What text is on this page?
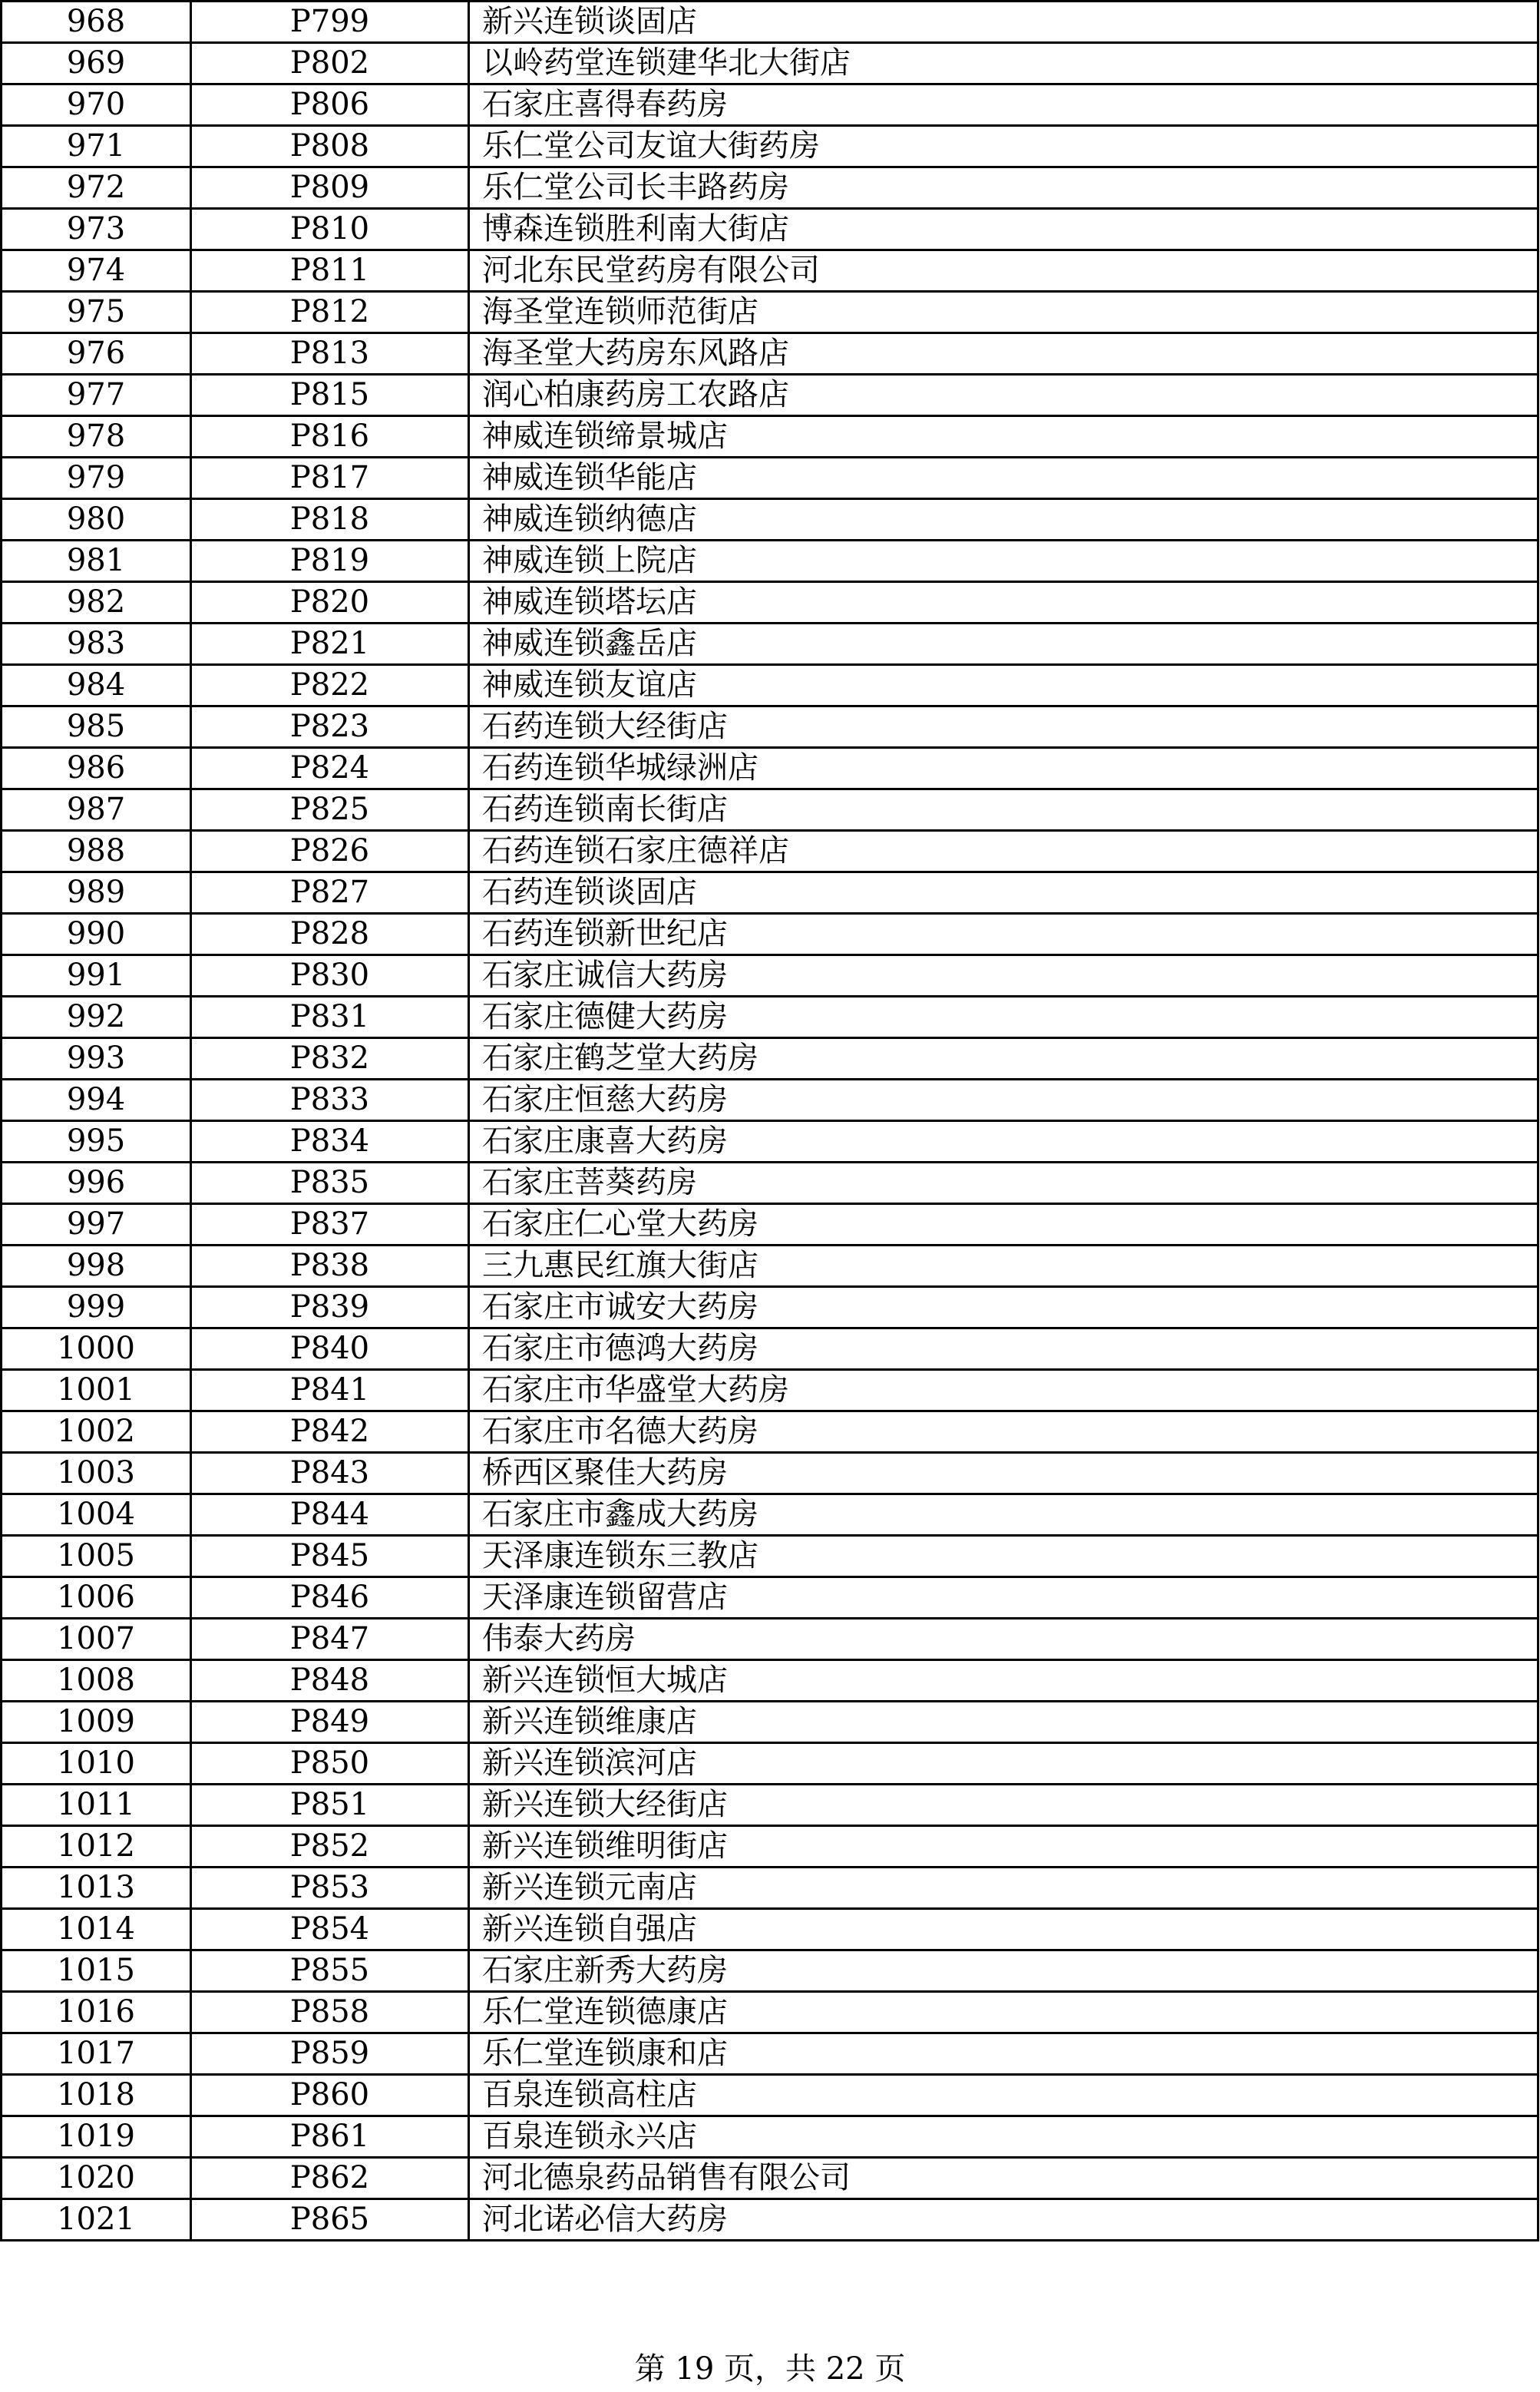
968	P799	新兴连锁谈固店
969	P802	以岭药堂连锁建华北大街店
970	P806	石家庄喜得春药房
971	P808	乐仁堂公司友谊大街药房
972	P809	乐仁堂公司长丰路药房
973	P810	博森连锁胜利南大街店
974	P811	河北东民堂药房有限公司
975	P812	海圣堂连锁师范街店
976	P813	海圣堂大药房东风路店
977	P815	润心柏康药房工农路店
978	P816	神威连锁缔景城店
979	P817	神威连锁华能店
980	P818	神威连锁纳德店
981	P819	神威连锁上院店
982	P820	神威连锁塔坛店
983	P821	神威连锁鑫岳店
984	P822	神威连锁友谊店
985	P823	石药连锁大经街店
986	P824	石药连锁华城绿洲店
987	P825	石药连锁南长街店
988	P826	石药连锁石家庄德祥店
989	P827	石药连锁谈固店
990	P828	石药连锁新世纪店
991	P830	石家庄诚信大药房
992	P831	石家庄德健大药房
993	P832	石家庄鹤芝堂大药房
994	P833	石家庄恒慈大药房
995	P834	石家庄康喜大药房
996	P835	石家庄菩葵药房
997	P837	石家庄仁心堂大药房
998	P838	三九惠民红旗大街店
999	P839	石家庄市诚安大药房
1000	P840	石家庄市德鸿大药房
1001	P841	石家庄市华盛堂大药房
1002	P842	石家庄市名德大药房
1003	P843	桥西区聚佳大药房
1004	P844	石家庄市鑫成大药房
1005	P845	天泽康连锁东三教店
1006	P846	天泽康连锁留营店
1007	P847	伟泰大药房
1008	P848	新兴连锁恒大城店
1009	P849	新兴连锁维康店
1010	P850	新兴连锁滨河店
1011	P851	新兴连锁大经街店
1012	P852	新兴连锁维明街店
1013	P853	新兴连锁元南店
1014	P854	新兴连锁自强店
1015	P855	石家庄新秀大药房
1016	P858	乐仁堂连锁德康店
1017	P859	乐仁堂连锁康和店
1018	P860	百泉连锁高柱店
1019	P861	百泉连锁永兴店
1020	P862	河北德泉药品销售有限公司
1021	P865	河北诺必信大药房
第 19 页，共 22 页
